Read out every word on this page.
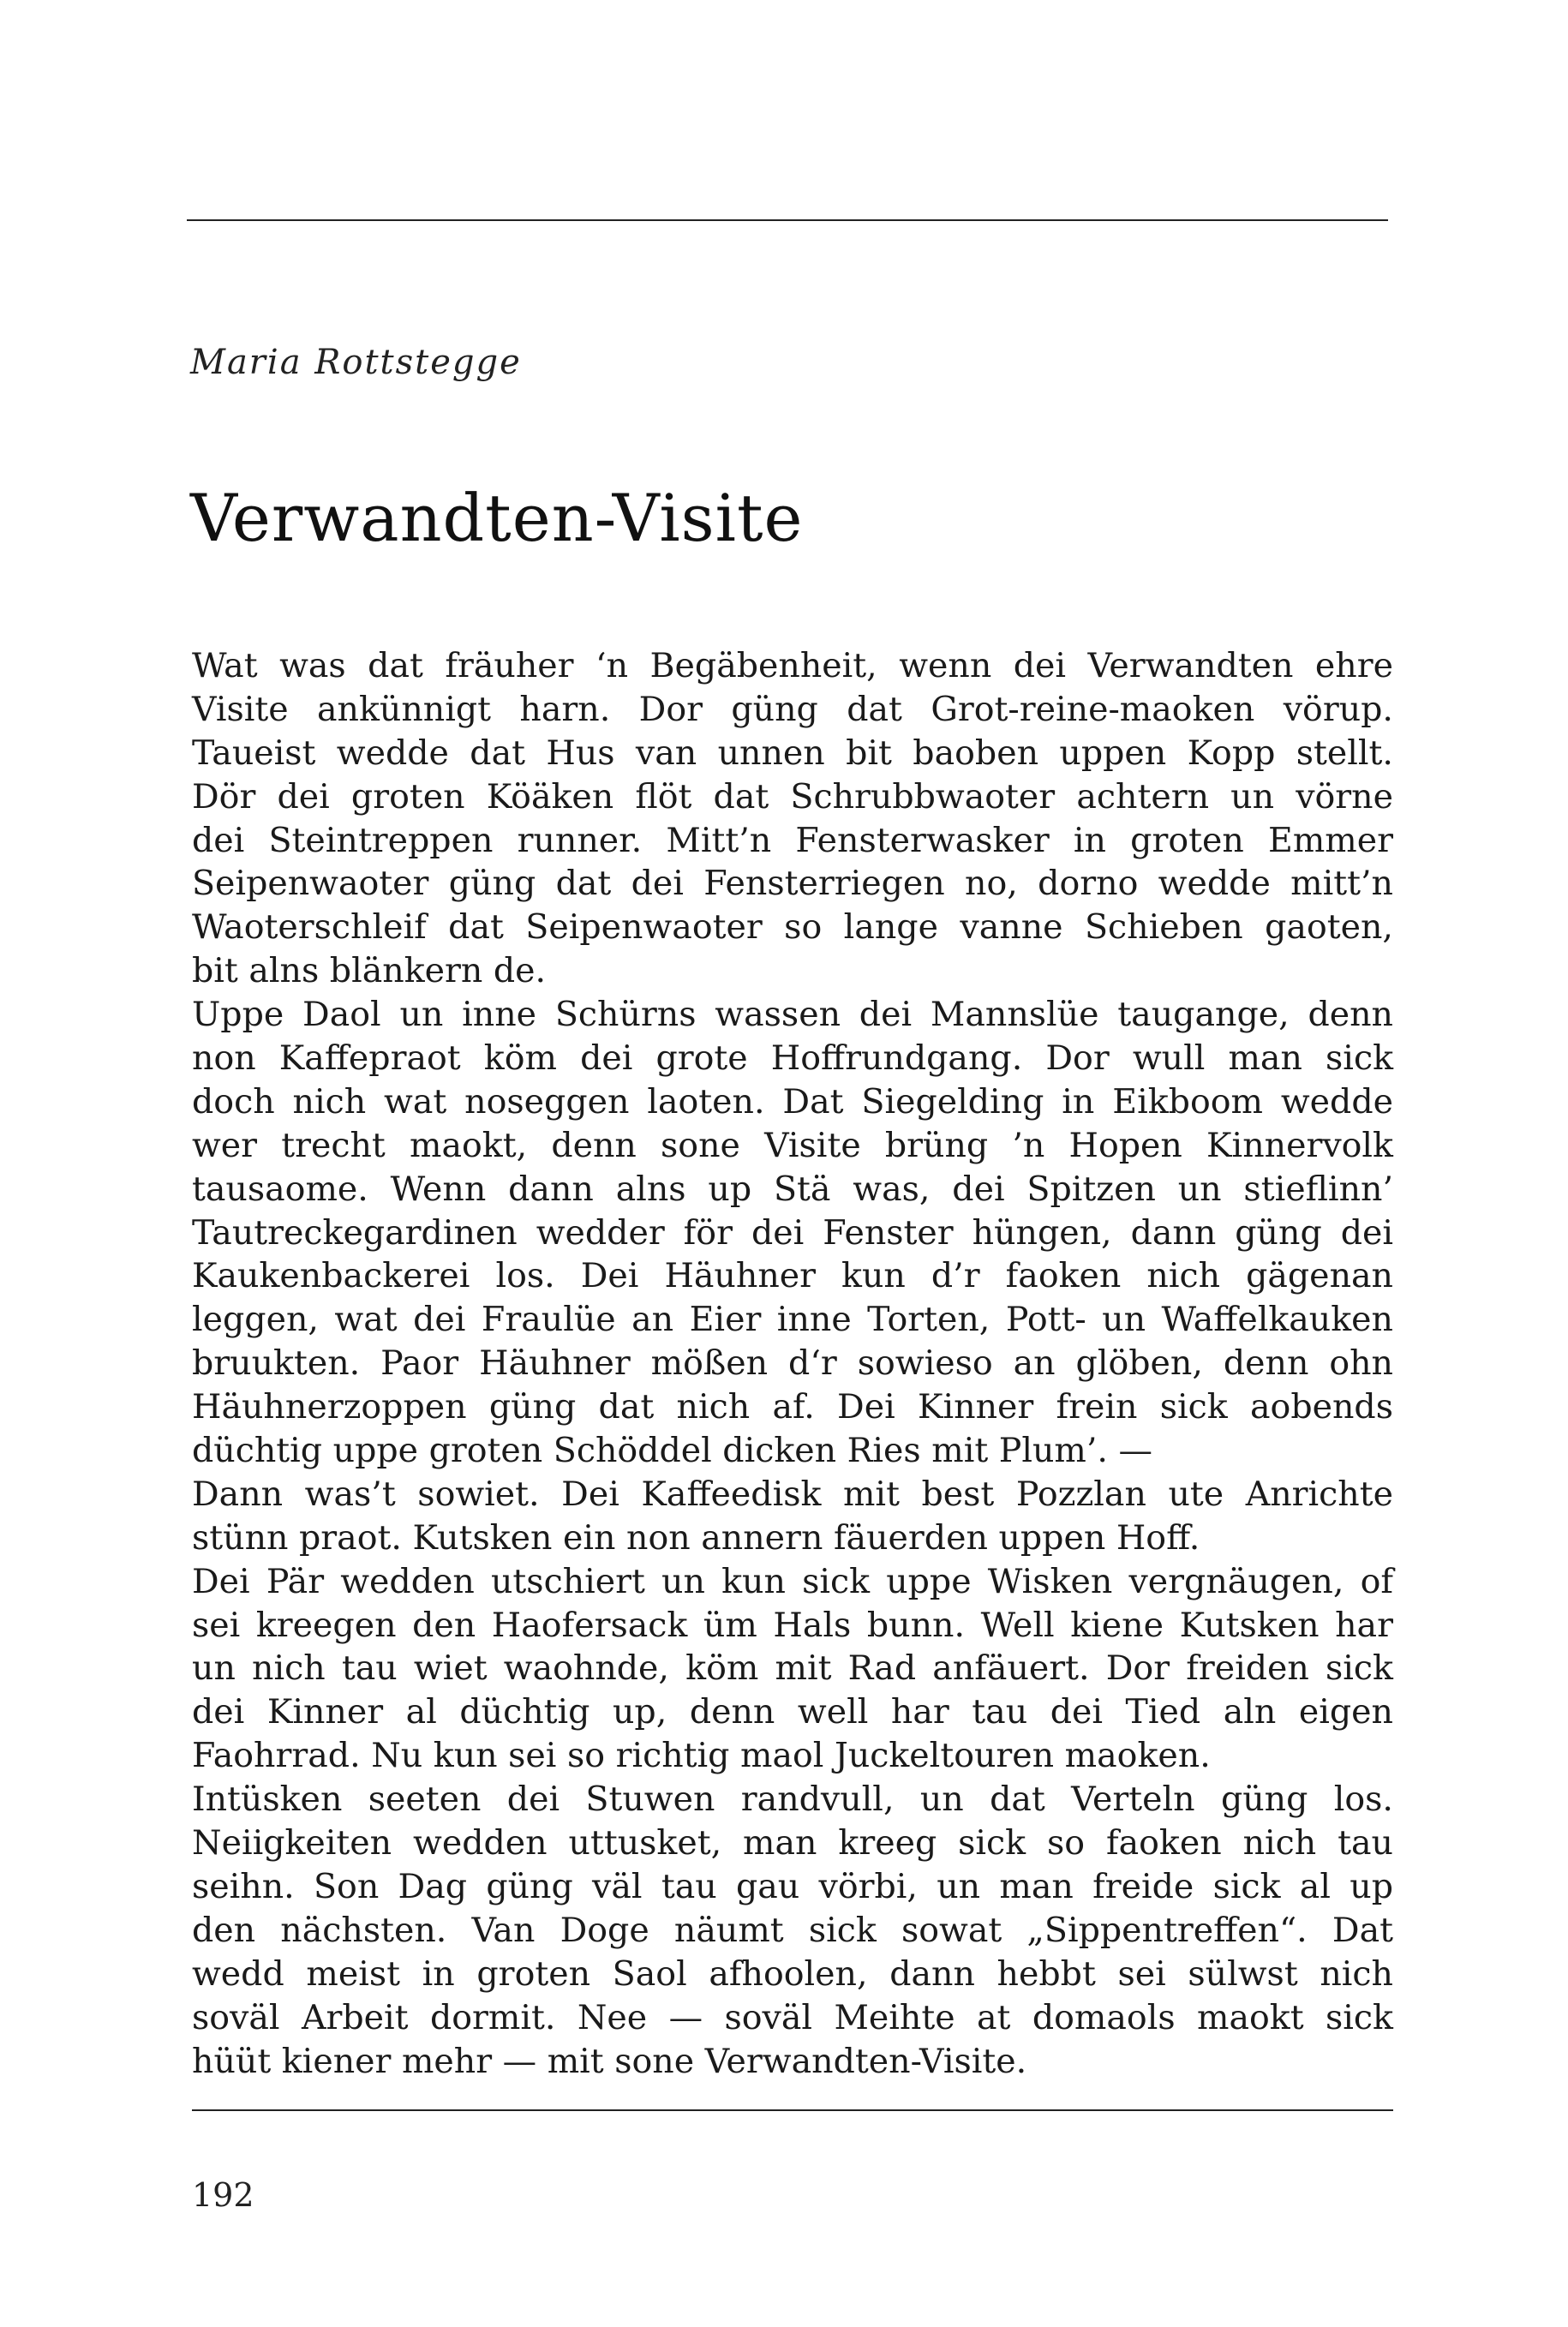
Maria Rottstegge
Verwandten-Visite
Wat was dat fräuher ‘n Begäbenheit, wenn dei Verwandten ehre
Visite ankünnigt harn. Dor güng dat Grot-reine-maoken vörup.
Taueist wedde dat Hus van unnen bit baoben uppen Kopp stellt.
Dör dei groten Köäken flöt dat Schrubbwaoter achtern un vörne
dei Steintreppen runner. Mitt’n Fensterwasker in groten Emmer
Seipenwaoter güng dat dei Fensterriegen no, dorno wedde mitt’n
Waoterschleif dat Seipenwaoter so lange vanne Schieben gaoten,
bit alns blänkern de.
Uppe Daol un inne Schürns wassen dei Mannslüe taugange, denn
non Kaffepraot köm dei grote Hoffrundgang. Dor wull man sick
doch nich wat noseggen laoten. Dat Siegelding in Eikboom wedde
wer trecht maokt, denn sone Visite brüng ’n Hopen Kinnervolk
tausaome. Wenn dann alns up Stä was, dei Spitzen un stieflinn’
Tautreckegardinen wedder för dei Fenster hüngen, dann güng dei
Kaukenbackerei los. Dei Häuhner kun d’r faoken nich gägenan
leggen, wat dei Fraulüe an Eier inne Torten, Pott- un Waffelkauken
bruukten. Paor Häuhner mößen d‘r sowieso an glöben, denn ohn
Häuhnerzoppen güng dat nich af. Dei Kinner frein sick aobends
düchtig uppe groten Schöddel dicken Ries mit Plum’. —
Dann was’t sowiet. Dei Kaffeedisk mit best Pozzlan ute Anrichte
stünn praot. Kutsken ein non annern fäuerden uppen Hoff.
Dei Pär wedden utschiert un kun sick uppe Wisken vergnäugen, of
sei kreegen den Haofersack üm Hals bunn. Well kiene Kutsken har
un nich tau wiet waohnde, köm mit Rad anfäuert. Dor freiden sick
dei Kinner al düchtig up, denn well har tau dei Tied aln eigen
Faohrrad. Nu kun sei so richtig maol Juckeltouren maoken.
Intüsken seeten dei Stuwen randvull, un dat Verteln güng los.
Neiigkeiten wedden uttusket, man kreeg sick so faoken nich tau
seihn. Son Dag güng väl tau gau vörbi, un man freide sick al up
den nächsten. Van Doge näumt sick sowat „Sippentreffen“. Dat
wedd meist in groten Saol afhoolen, dann hebbt sei sülwst nich
soväl Arbeit dormit. Nee — soväl Meihte at domaols maokt sick
hüüt kiener mehr — mit sone Verwandten-Visite.
192
